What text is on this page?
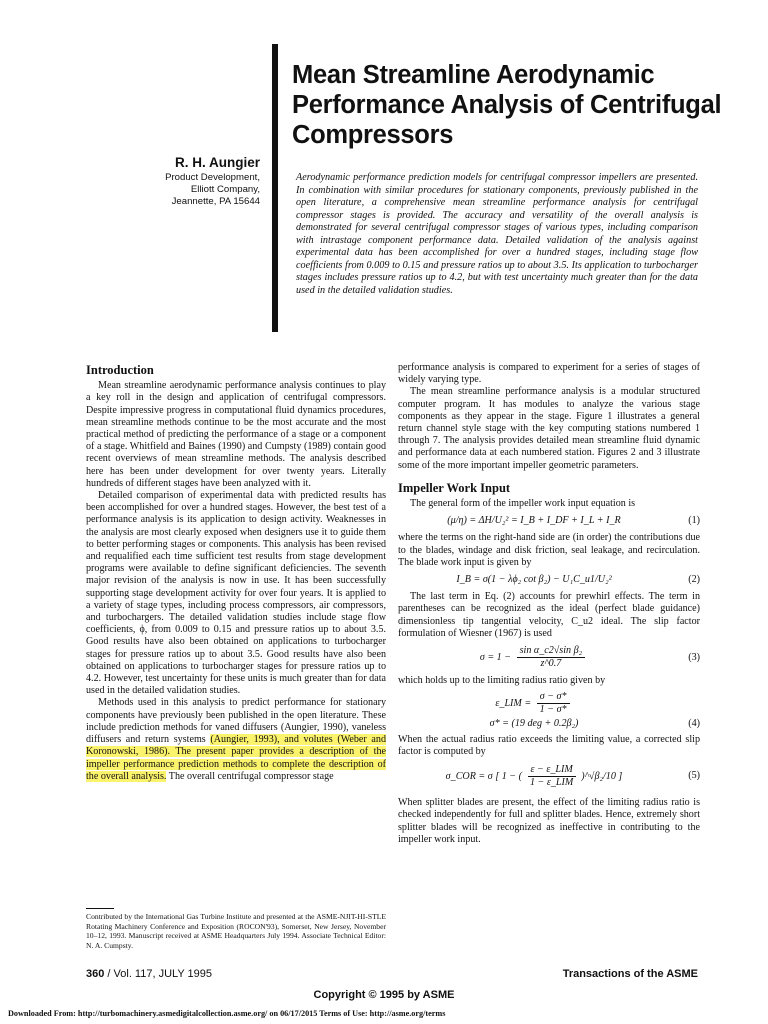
Mean Streamline Aerodynamic Performance Analysis of Centrifugal Compressors
R. H. Aungier
Product Development,
Elliott Company,
Jeannette, PA 15644
Aerodynamic performance prediction models for centrifugal compressor impellers are presented. In combination with similar procedures for stationary components, previously published in the open literature, a comprehensive mean streamline performance analysis for centrifugal compressor stages is provided. The accuracy and versatility of the overall analysis is demonstrated for several centrifugal compressor stages of various types, including comparison with intrastage component performance data. Detailed validation of the analysis against experimental data has been accomplished for over a hundred stages, including stage flow coefficients from 0.009 to 0.15 and pressure ratios up to about 3.5. Its application to turbocharger stages includes pressure ratios up to 4.2, but with test uncertainty much greater than for the data used in the detailed validation studies.
Introduction

Mean streamline aerodynamic performance analysis continues to play a key roll in the design and application of centrifugal compressors. Despite impressive progress in computational fluid dynamics procedures, mean streamline methods continue to be the most accurate and the most practical method of predicting the performance of a stage or a component of a stage. Whitfield and Baines (1990) and Cumpsty (1989) contain good recent overviews of mean streamline methods. The analysis described here has been under development for over twenty years. Literally hundreds of different stages have been analyzed with it.

Detailed comparison of experimental data with predicted results has been accomplished for over a hundred stages. However, the best test of a performance analysis is its application to design activity. Weaknesses in the analysis are most clearly exposed when designers use it to guide them to better performing stages or components. This analysis has been revised and requalified each time sufficient test results from stage development programs were available to define significant deficiencies. The seventh major revision of the analysis is now in use. It has been successfully supporting stage development activity for over four years. It is applied to a variety of stage types, including process compressors, air compressors, and turbochargers. The detailed validation studies include stage flow coefficients, ϕ, from 0.009 to 0.15 and pressure ratios up to about 3.5. Good results have also been obtained on applications to turbocharger stages for pressure ratios up to about 3.5. Good results have also been obtained on applications to turbocharger stages for pressure ratios up to 4.2. However, test uncertainty for these units is much greater than for data used in the detailed validation studies.

Methods used in this analysis to predict performance for stationary components have previously been published in the open literature. These include prediction methods for vaned diffusers (Aungier, 1990), vaneless diffusers and return systems (Aungier, 1993), and volutes (Weber and Koronowski, 1986). The present paper provides a description of the impeller performance prediction methods to complete the description of the overall analysis. The overall centrifugal compressor stage

performance analysis is compared to experiment for a series of stages of widely varying type.

The mean streamline performance analysis is a modular structured computer program. It has modules to analyze the various stage components as they appear in the stage. Figure 1 illustrates a general return channel style stage with the key computing stations numbered 1 through 7. The analysis provides detailed mean streamline fluid dynamic and performance data at each numbered station. Figures 2 and 3 illustrate some of the more important impeller geometric parameters.

Impeller Work Input

The general form of the impeller work input equation is

(μ/η) = ΔH/U₂² = I_B + I_DF + I_L + I_R	(1)

where the terms on the right-hand side are (in order) the contributions due to the blades, windage and disk friction, seal leakage, and recirculation. The blade work input is given by

I_B = σ(1 − λϕ₂ cot β₂) − U₁C_u1/U₂²	(2)

The last term in Eq. (2) accounts for prewhirl effects. The term in parentheses can be recognized as the ideal (perfect blade guidance) dimensionless tip tangential velocity, C_u2 ideal. The slip factor formulation of Wiesner (1967) is used

$\sigma = 1 - \frac{\text{sin α\_c2√sin β₂}}{z\^{}0.7}$	(3)

which holds up to the limiting radius ratio given by

ε_LIM = $\frac{\sigma - \sigma*}{1 - \sigma*}$
σ* = (19 deg + 0.2β₂)	(4)

When the actual radius ratio exceeds the limiting value, a corrected slip factor is computed by

σ_COR = σ [ 1 − ( $\frac{\text{ε − ε\_LIM}}{\text{1 − ε\_LIM}}$ )^√β₂/10 ]	(5)

When splitter blades are present, the effect of the limiting radius ratio is checked independently for full and splitter blades. Hence, extremely short splitter blades will be recognized as ineffective in contributing to the impeller work input.

Contributed by the International Gas Turbine Institute and presented at the ASME-NJIT-HI-STLE Rotating Machinery Conference and Exposition (ROCON'93), Somerset, New Jersey, November 10–12, 1993. Manuscript received at ASME Headquarters July 1994. Associate Technical Editor: N. A. Cumpsty.
360 / Vol. 117, JULY 1995	Transactions of the ASME
Copyright © 1995 by ASME
Downloaded From: http://turbomachinery.asmedigitalcollection.asme.org/ on 06/17/2015 Terms of Use: http://asme.org/terms
